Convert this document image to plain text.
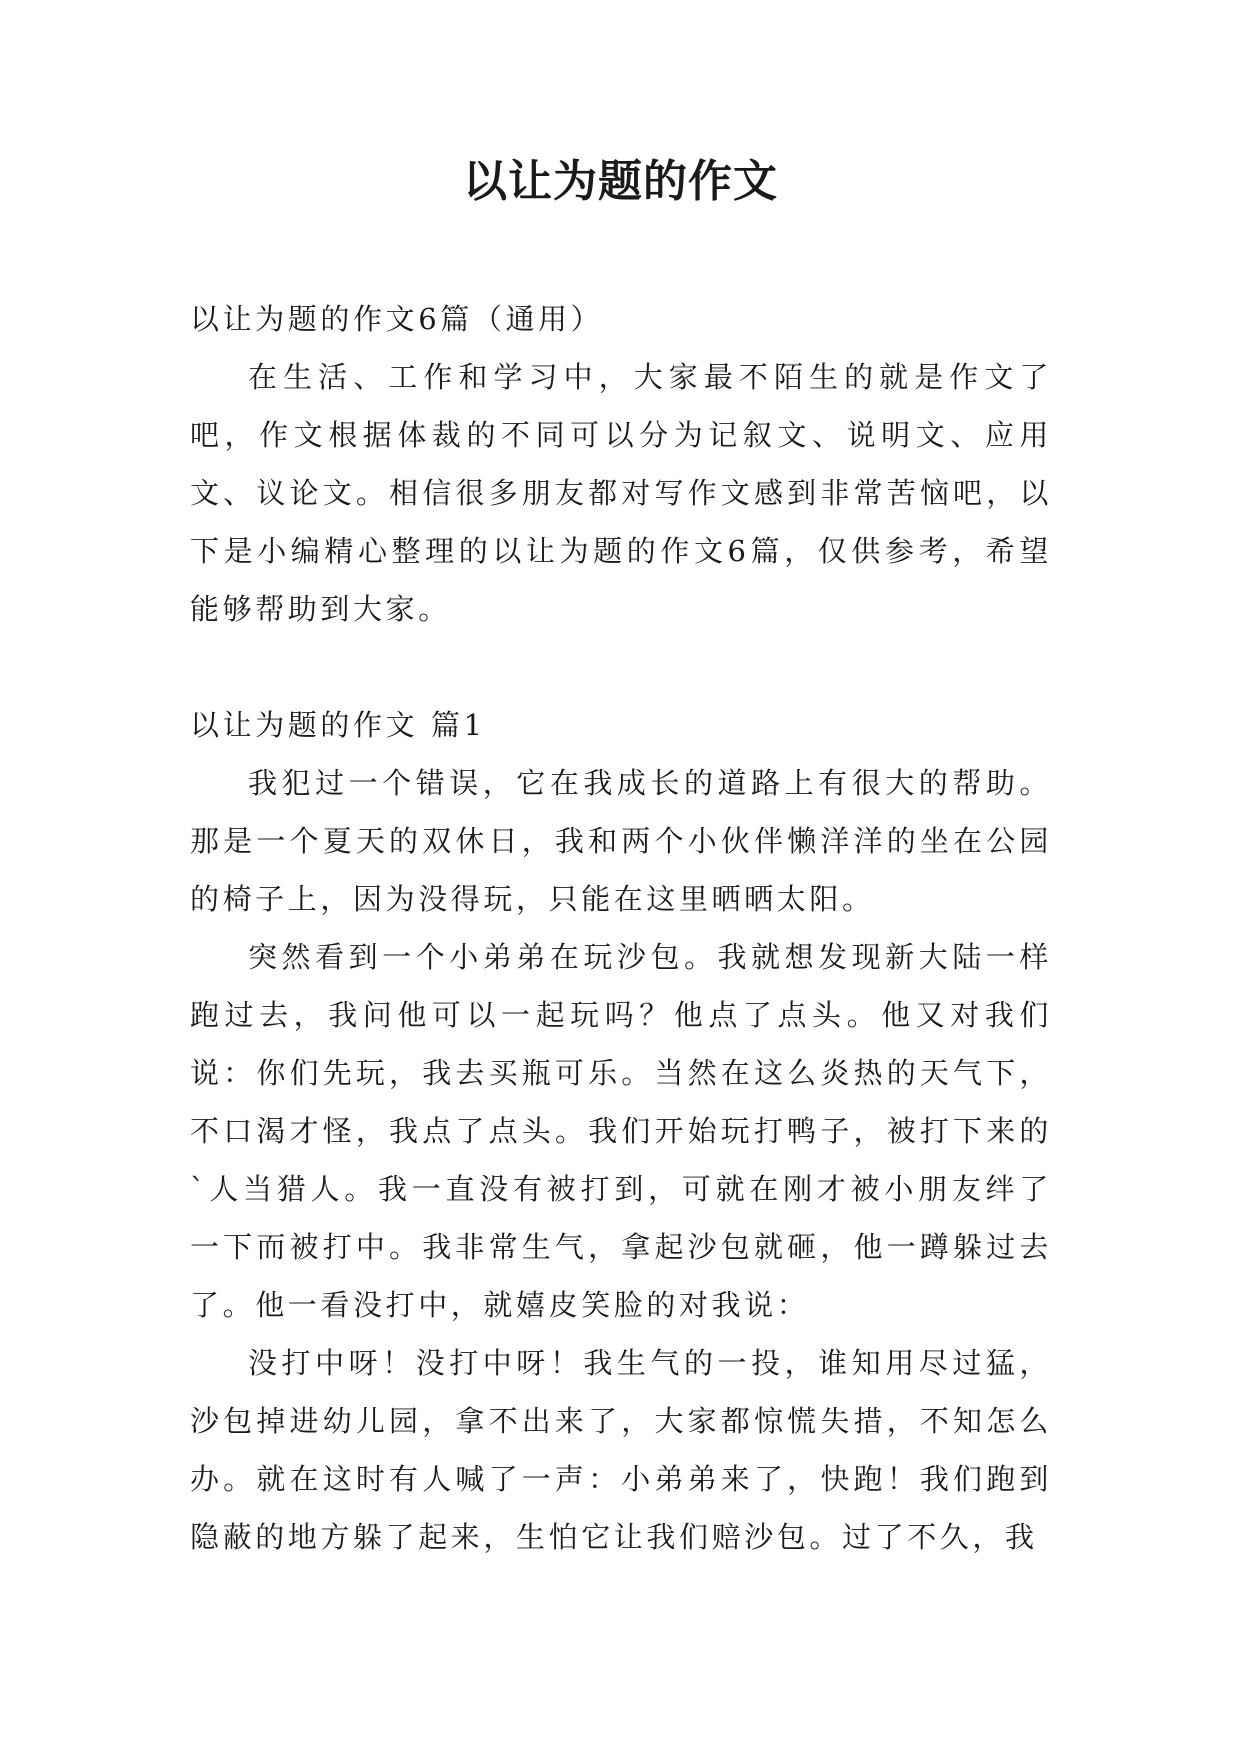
以让为题的作文

以让为题的作文6篇（通用）

在生活、工作和学习中，大家最不陌生的就是作文了吧，作文根据体裁的不同可以分为记叙文、说明文、应用文、议论文。相信很多朋友都对写作文感到非常苦恼吧，以下是小编精心整理的以让为题的作文6篇，仅供参考，希望能够帮助到大家。

以让为题的作文 篇1

我犯过一个错误，它在我成长的道路上有很大的帮助。那是一个夏天的双休日，我和两个小伙伴懒洋洋的坐在公园的椅子上，因为没得玩，只能在这里晒晒太阳。

突然看到一个小弟弟在玩沙包。我就想发现新大陆一样跑过去，我问他可以一起玩吗？他点了点头。他又对我们说：你们先玩，我去买瓶可乐。当然在这么炎热的天气下，不口渴才怪，我点了点头。我们开始玩打鸭子，被打下来的`人当猎人。我一直没有被打到，可就在刚才被小朋友绊了一下而被打中。我非常生气，拿起沙包就砸，他一蹲躲过去了。他一看没打中，就嬉皮笑脸的对我说：

没打中呀！没打中呀！我生气的一投，谁知用尽过猛，沙包掉进幼儿园，拿不出来了，大家都惊慌失措，不知怎么办。就在这时有人喊了一声：小弟弟来了，快跑！我们跑到隐蔽的地方躲了起来，生怕它让我们赔沙包。过了不久，我
